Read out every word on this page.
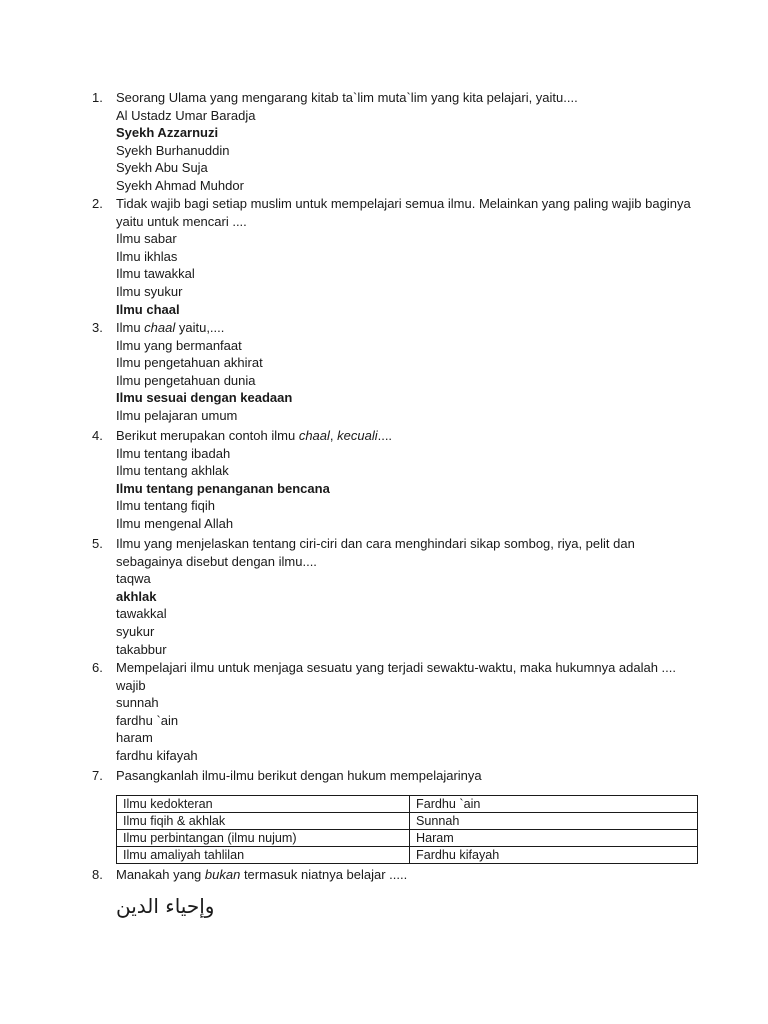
1.	Seorang Ulama yang mengarang kitab ta`lim muta`lim yang kita pelajari, yaitu....
Al Ustadz Umar Baradja
Syekh Azzarnuzi
Syekh Burhanuddin
Syekh Abu Suja
Syekh Ahmad Muhdor
2.	Tidak wajib bagi setiap muslim untuk mempelajari semua ilmu. Melainkan yang paling wajib baginya
yaitu untuk mencari ....
Ilmu sabar
Ilmu ikhlas
Ilmu tawakkal
Ilmu syukur
Ilmu chaal
3.	Ilmu chaal yaitu,....
Ilmu yang bermanfaat
Ilmu pengetahuan akhirat
Ilmu pengetahuan dunia
Ilmu sesuai dengan keadaan
Ilmu pelajaran umum
4.	Berikut merupakan contoh ilmu chaal, kecuali....
Ilmu tentang ibadah
Ilmu tentang akhlak
Ilmu tentang penanganan bencana
Ilmu tentang fiqih
Ilmu mengenal Allah
5.	Ilmu yang menjelaskan tentang ciri-ciri dan cara menghindari sikap sombog, riya, pelit dan
sebagainya disebut dengan ilmu....
taqwa
akhlak
tawakkal
syukur
takabbur
6.	Mempelajari ilmu untuk menjaga sesuatu yang terjadi sewaktu-waktu, maka hukumnya adalah ....
wajib
sunnah
fardhu `ain
haram
fardhu kifayah
7.	Pasangkanlah ilmu-ilmu berikut dengan hukum mempelajarinya
Ilmu kedokteran	Fardhu `ain
Ilmu fiqih & akhlak	Sunnah
Ilmu perbintangan (ilmu nujum)	Haram
Ilmu amaliyah tahlilan	Fardhu kifayah
8.	Manakah yang bukan termasuk niatnya belajar .....
وإحياء الدين
